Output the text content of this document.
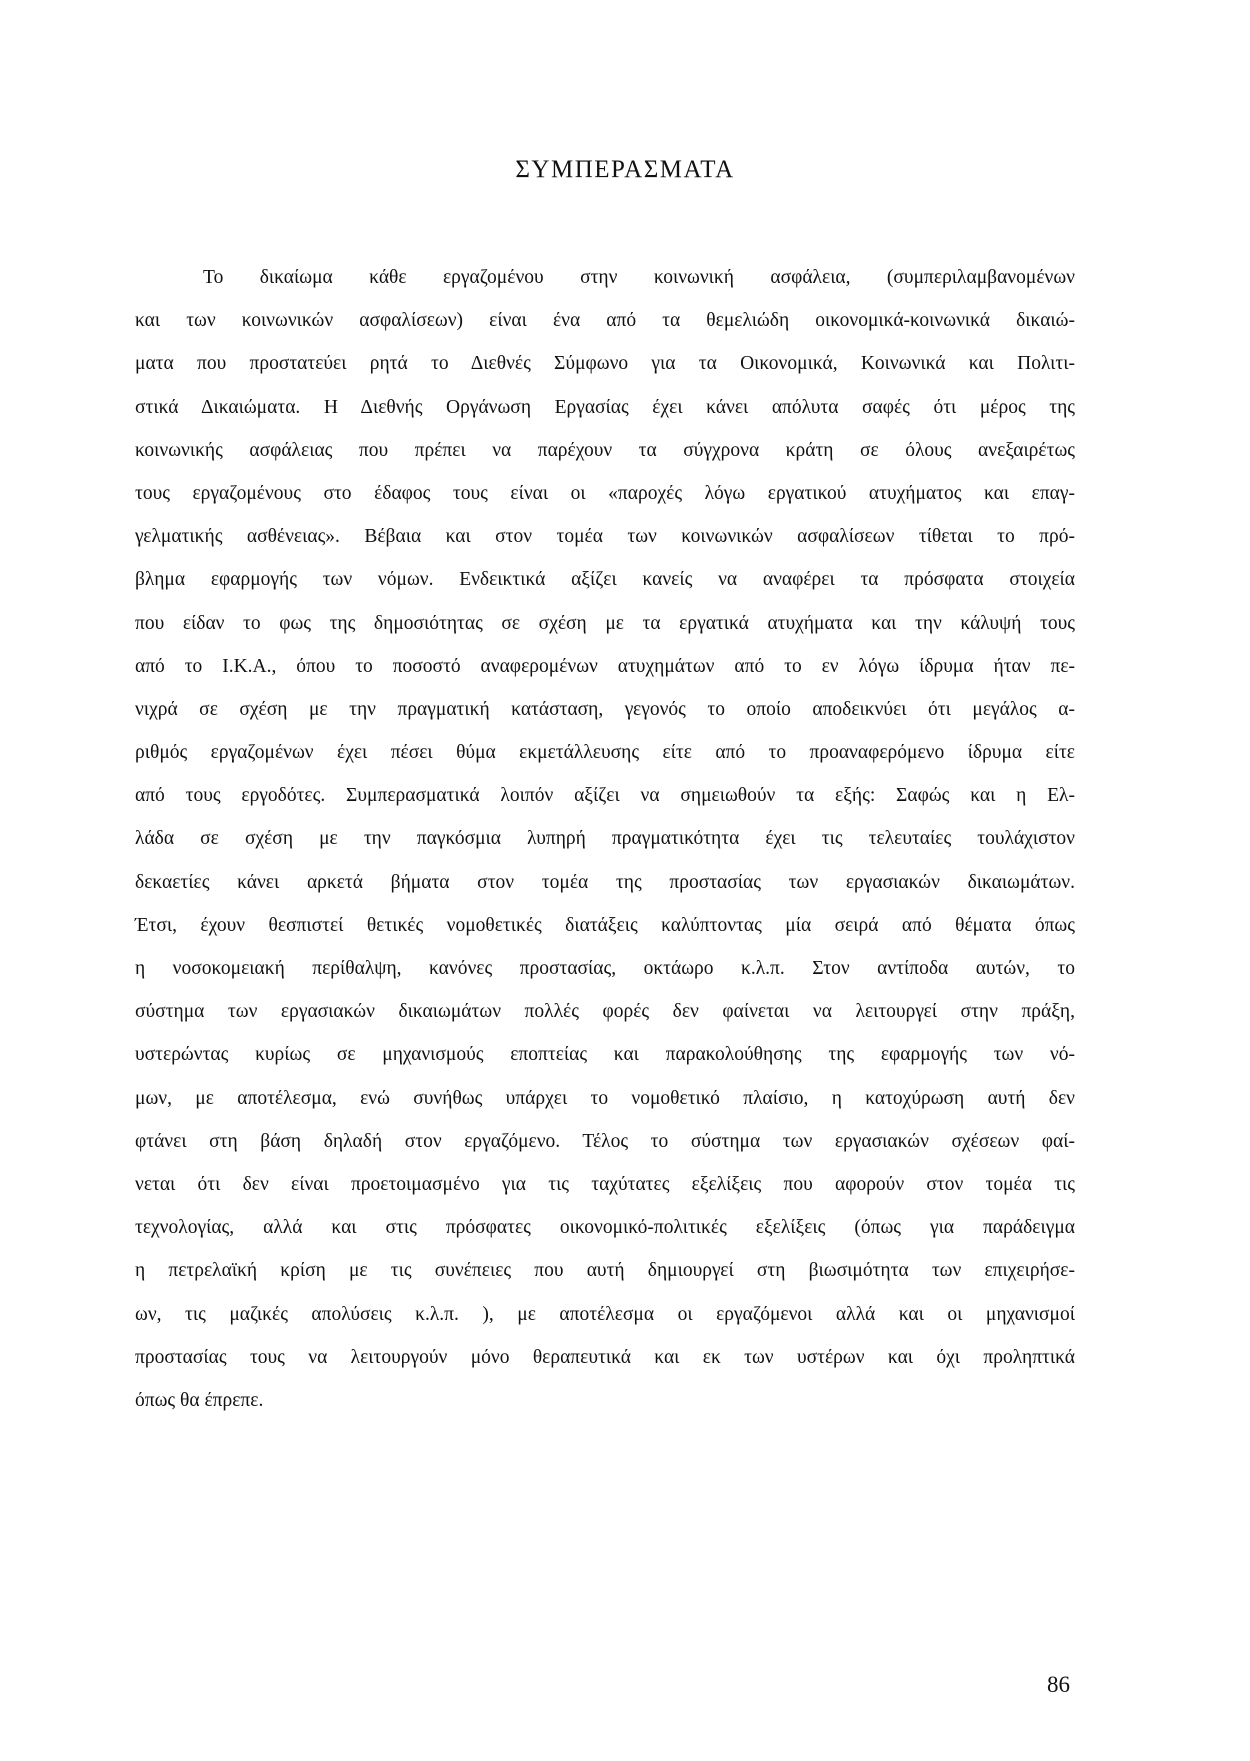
ΣΥΜΠΕΡΑΣΜΑΤΑ
Το δικαίωμα κάθε εργαζομένου στην κοινωνική ασφάλεια, (συμπεριλαμβανομένων
και των κοινωνικών ασφαλίσεων) είναι ένα από τα θεμελιώδη οικονομικά-κοινωνικά δικαιώ-
ματα που προστατεύει ρητά το Διεθνές Σύμφωνο για τα Οικονομικά, Κοινωνικά και Πολιτι-
στικά Δικαιώματα. Η Διεθνής Οργάνωση Εργασίας έχει κάνει απόλυτα σαφές ότι μέρος της
κοινωνικής ασφάλειας που πρέπει να παρέχουν τα σύγχρονα κράτη σε όλους ανεξαιρέτως
τους εργαζομένους στο έδαφος τους είναι οι «παροχές λόγω εργατικού ατυχήματος και επαγ-
γελματικής ασθένειας». Βέβαια και στον τομέα των κοινωνικών ασφαλίσεων τίθεται το πρό-
βλημα εφαρμογής των νόμων. Ενδεικτικά αξίζει κανείς να αναφέρει τα πρόσφατα στοιχεία
που είδαν το φως της δημοσιότητας σε σχέση με τα εργατικά ατυχήματα και την κάλυψή τους
από το Ι.Κ.Α., όπου το ποσοστό αναφερομένων ατυχημάτων από το εν λόγω ίδρυμα ήταν πε-
νιχρά σε σχέση με την πραγματική κατάσταση, γεγονός το οποίο αποδεικνύει ότι μεγάλος α-
ριθμός εργαζομένων έχει πέσει θύμα εκμετάλλευσης είτε από το προαναφερόμενο ίδρυμα είτε
από τους εργοδότες. Συμπερασματικά λοιπόν αξίζει να σημειωθούν τα εξής: Σαφώς και η Ελ-
λάδα σε σχέση με την παγκόσμια λυπηρή πραγματικότητα έχει τις τελευταίες τουλάχιστον
δεκαετίες κάνει αρκετά βήματα στον τομέα της προστασίας των εργασιακών δικαιωμάτων.
Έτσι, έχουν θεσπιστεί θετικές νομοθετικές διατάξεις καλύπτοντας μία σειρά από θέματα όπως
η νοσοκομειακή περίθαλψη, κανόνες προστασίας, οκτάωρο κ.λ.π. Στον αντίποδα αυτών, το
σύστημα των εργασιακών δικαιωμάτων πολλές φορές δεν φαίνεται να λειτουργεί στην πράξη,
υστερώντας κυρίως σε μηχανισμούς εποπτείας και παρακολούθησης της εφαρμογής των νό-
μων, με αποτέλεσμα, ενώ συνήθως υπάρχει το νομοθετικό πλαίσιο, η κατοχύρωση αυτή δεν
φτάνει στη βάση δηλαδή στον εργαζόμενο. Τέλος το σύστημα των εργασιακών σχέσεων φαί-
νεται ότι δεν είναι προετοιμασμένο για τις ταχύτατες εξελίξεις που αφορούν στον τομέα τις
τεχνολογίας, αλλά και στις πρόσφατες οικονομικό-πολιτικές εξελίξεις (όπως για παράδειγμα
η πετρελαϊκή κρίση με τις συνέπειες που αυτή δημιουργεί στη βιωσιμότητα των επιχειρήσε-
ων, τις μαζικές απολύσεις κ.λ.π. ), με αποτέλεσμα οι εργαζόμενοι αλλά και οι μηχανισμοί
προστασίας τους να λειτουργούν μόνο θεραπευτικά και εκ των υστέρων και όχι προληπτικά
όπως θα έπρεπε.
86
